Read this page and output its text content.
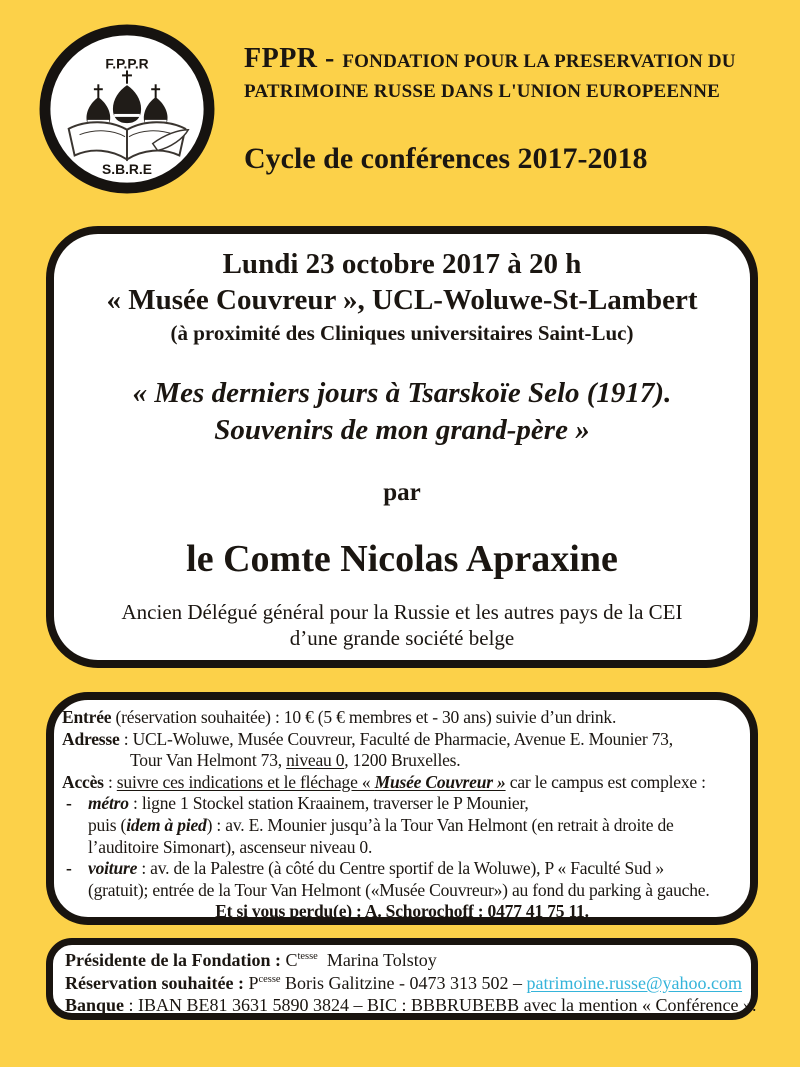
F.P.P.R
S.B.R.E
FPPR - FONDATION POUR LA PRESERVATION DU
PATRIMOINE RUSSE DANS L'UNION EUROPEENNE
Cycle de conférences 2017-2018

Lundi 23 octobre 2017 à 20 h

« Musée Couvreur », UCL-Woluwe-St-Lambert

(à proximité des Cliniques universitaires Saint-Luc)

« Mes derniers jours à Tsarskoïe Selo (1917).

Souvenirs de mon grand-père »

par

le Comte Nicolas Apraxine

Ancien Délégué général pour la Russie et les autres pays de la CEI

d’une grande société belge

Entrée (réservation souhaitée) : 10 € (5 € membres et - 30 ans) suivie d’un drink.

Adresse : UCL-Woluwe, Musée Couvreur, Faculté de Pharmacie, Avenue E. Mounier 73,

Tour Van Helmont 73, niveau 0, 1200 Bruxelles.

Accès : suivre ces indications et le fléchage « Musée Couvreur » car le campus est complexe :

- métro : ligne 1 Stockel station Kraainem, traverser le P Mounier,

puis (idem à pied) : av. E. Mounier jusqu’à la Tour Van Helmont (en retrait à droite de

l’auditoire Simonart), ascenseur niveau 0.

- voiture : av. de la Palestre (à côté du Centre sportif de la Woluwe), P « Faculté Sud »

(gratuit); entrée de la Tour Van Helmont («Musée Couvreur») au fond du parking à gauche.

Et si vous perdu(e) : A. Schorochoff : 0477 41 75 11.

Présidente de la Fondation : $C^{tesse}$  Marina Tolstoy

Réservation souhaitée : $P^{cesse}$ Boris Galitzine - 0473 313 502 – patrimoine.russe@yahoo.com

Banque : IBAN BE81 3631 5890 3824 – BIC : BBBRUBEBB avec la mention « Conférence ».
